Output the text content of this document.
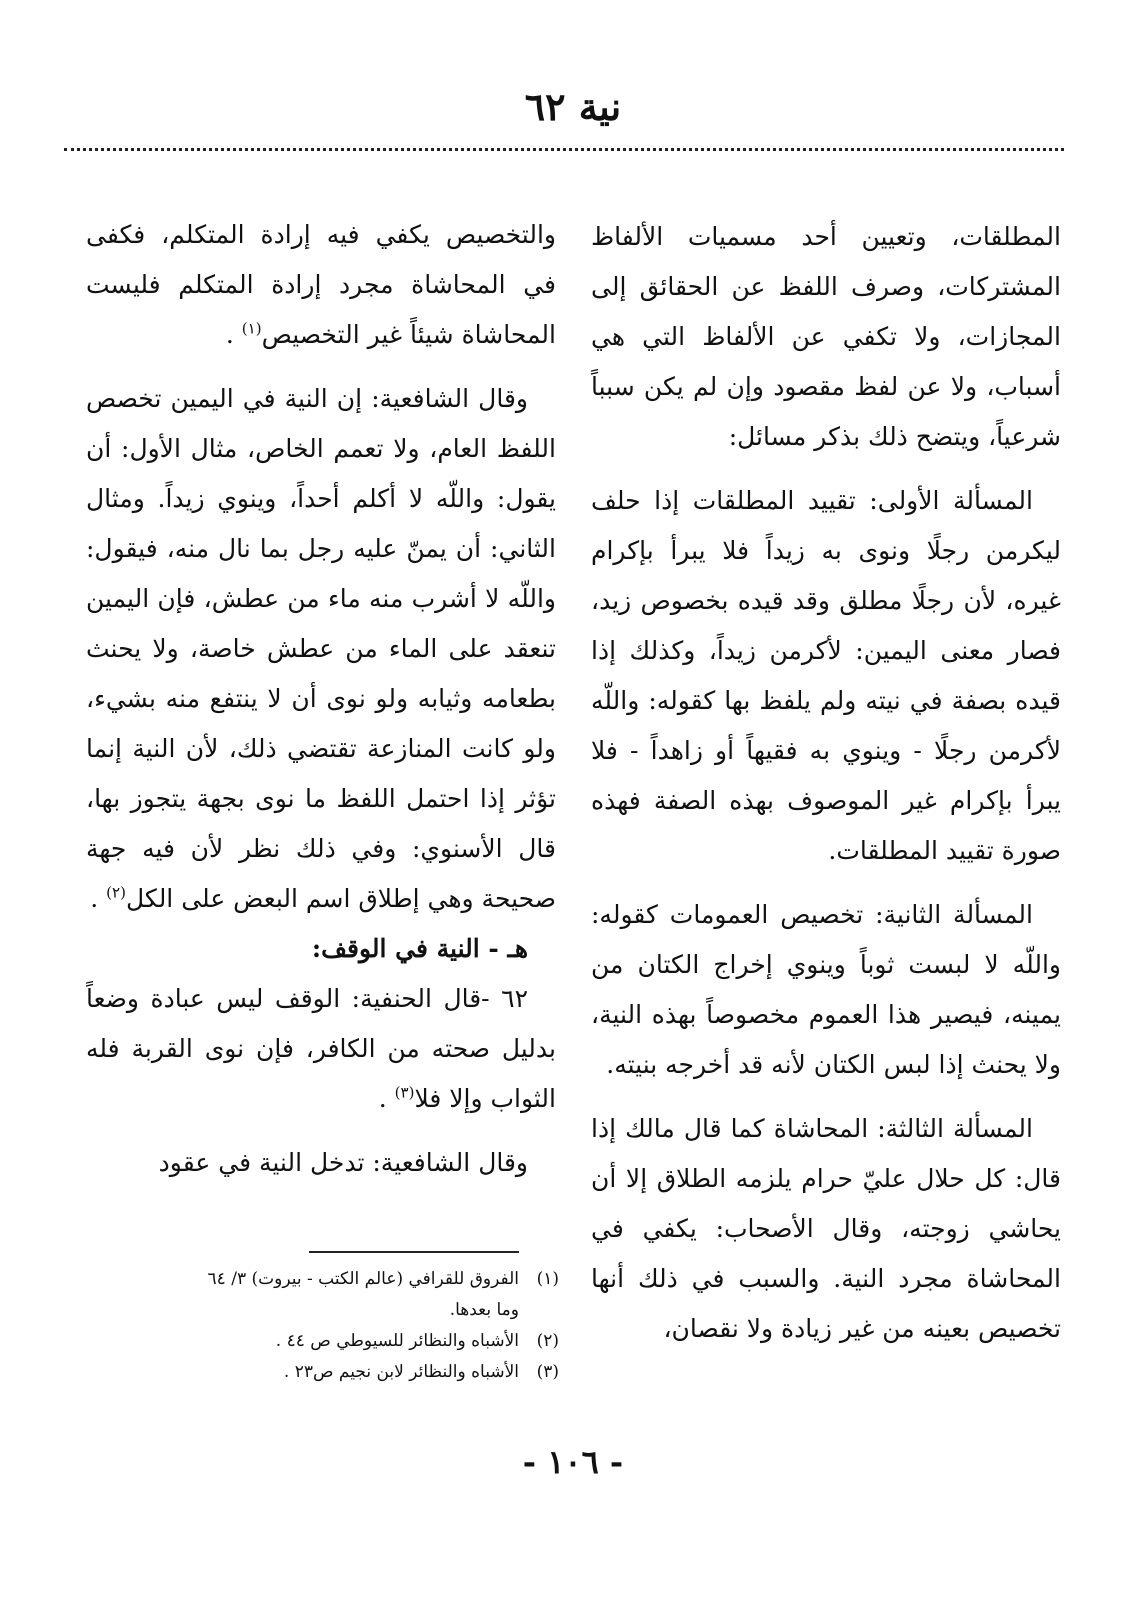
نية ٦٢

المطلقات، وتعيين أحد مسميات الألفاظ المشتركات، وصرف اللفظ عن الحقائق إلى المجازات، ولا تكفي عن الألفاظ التي هي أسباب، ولا عن لفظ مقصود وإن لم يكن سبباً شرعياً، ويتضح ذلك بذكر مسائل:

المسألة الأولى: تقييد المطلقات إذا حلف ليكرمن رجلًا ونوى به زيداً فلا يبرأ بإكرام غيره، لأن رجلًا مطلق وقد قيده بخصوص زيد، فصار معنى اليمين: لأكرمن زيداً، وكذلك إذا قيده بصفة في نيته ولم يلفظ بها كقوله: واللّه لأكرمن رجلًا - وينوي به فقيهاً أو زاهداً - فلا يبرأ بإكرام غير الموصوف بهذه الصفة فهذه صورة تقييد المطلقات.

المسألة الثانية: تخصيص العمومات كقوله: واللّه لا لبست ثوباً وينوي إخراج الكتان من يمينه، فيصير هذا العموم مخصوصاً بهذه النية، ولا يحنث إذا لبس الكتان لأنه قد أخرجه بنيته.

المسألة الثالثة: المحاشاة كما قال مالك إذا قال: كل حلال عليّ حرام يلزمه الطلاق إلا أن يحاشي زوجته، وقال الأصحاب: يكفي في المحاشاة مجرد النية. والسبب في ذلك أنها تخصيص بعينه من غير زيادة ولا نقصان،

والتخصيص يكفي فيه إرادة المتكلم، فكفى في المحاشاة مجرد إرادة المتكلم فليست المحاشاة شيئاً غير التخصيص$^{(١)}$ .

وقال الشافعية: إن النية في اليمين تخصص اللفظ العام، ولا تعمم الخاص، مثال الأول: أن يقول: واللّه لا أكلم أحداً، وينوي زيداً. ومثال الثاني: أن يمنّ عليه رجل بما نال منه، فيقول: واللّه لا أشرب منه ماء من عطش، فإن اليمين تنعقد على الماء من عطش خاصة، ولا يحنث بطعامه وثيابه ولو نوى أن لا ينتفع منه بشيء، ولو كانت المنازعة تقتضي ذلك، لأن النية إنما تؤثر إذا احتمل اللفظ ما نوى بجهة يتجوز بها، قال الأسنوي: وفي ذلك نظر لأن فيه جهة صحيحة وهي إطلاق اسم البعض على الكل$^{(٢)}$ .

هـ - النية في الوقف:

٦٢ -قال الحنفية: الوقف ليس عبادة وضعاً بدليل صحته من الكافر، فإن نوى القربة فله الثواب وإلا فلا$^{(٣)}$ .

وقال الشافعية: تدخل النية في عقود

(١)
الفروق للقرافي (عالم الكتب - بيروت) ٣/ ٦٤
وما بعدها.
(٢)
الأشباه والنظائر للسيوطي ص ٤٤ .
(٣)
الأشباه والنظائر لابن نجيم ص٢٣ .
- ١٠٦ -
